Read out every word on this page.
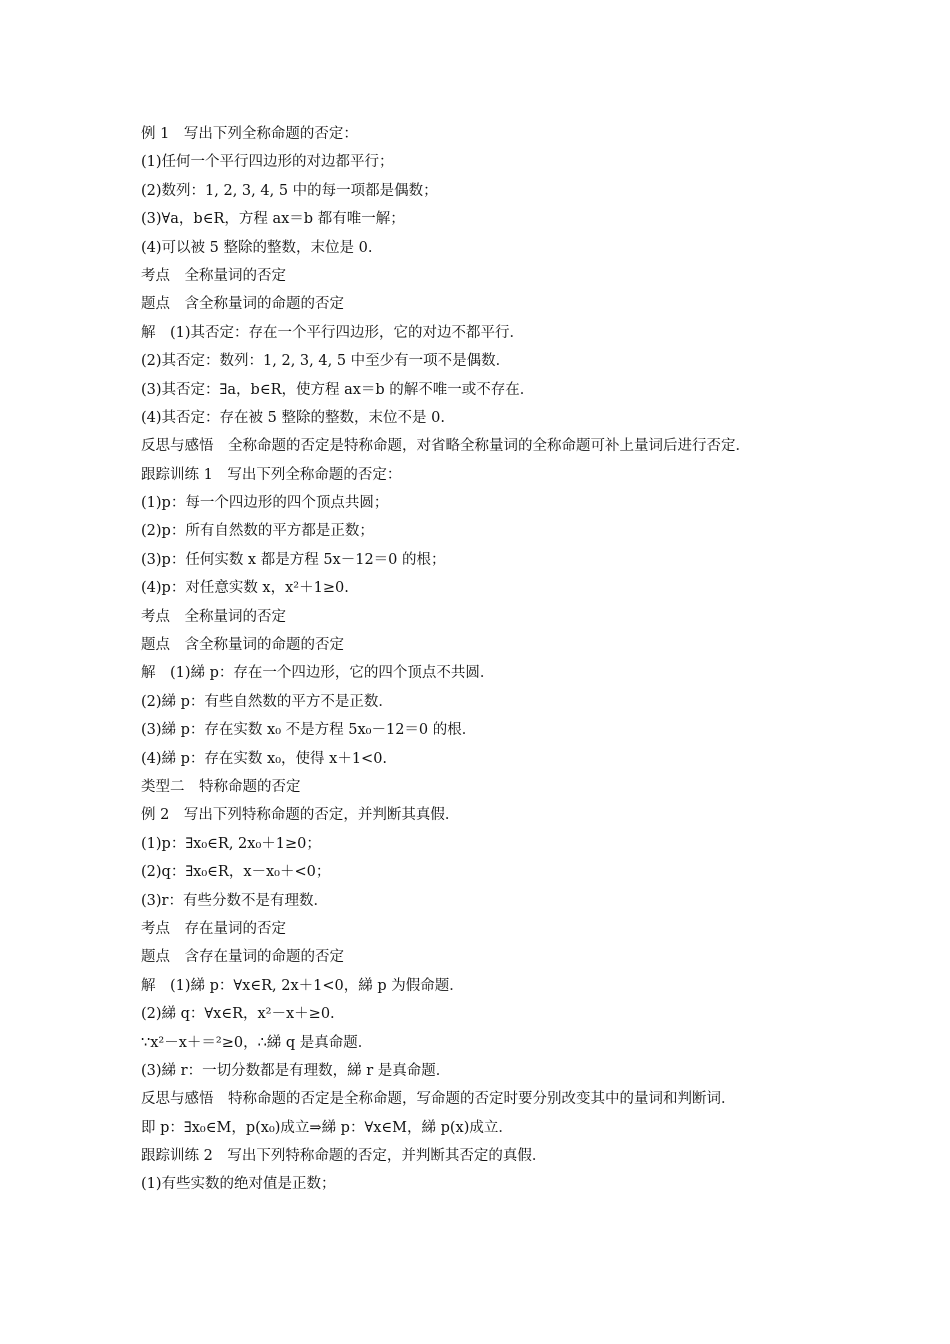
例 1　写出下列全称命题的否定：
(1)任何一个平行四边形的对边都平行；
(2)数列：1, 2, 3, 4, 5 中的每一项都是偶数；
(3)∀a，b∈R，方程 ax＝b 都有唯一解；
(4)可以被 5 整除的整数，末位是 0.
考点　全称量词的否定
题点　含全称量词的命题的否定
解　(1)其否定：存在一个平行四边形，它的对边不都平行．
(2)其否定：数列：1, 2, 3, 4, 5 中至少有一项不是偶数．
(3)其否定：∃a，b∈R，使方程 ax＝b 的解不唯一或不存在．
(4)其否定：存在被 5 整除的整数，末位不是 0.
反思与感悟　全称命题的否定是特称命题，对省略全称量词的全称命题可补上量词后进行否定．
跟踪训练 1　写出下列全称命题的否定：
(1)p：每一个四边形的四个顶点共圆；
(2)p：所有自然数的平方都是正数；
(3)p：任何实数 x 都是方程 5x－12＝0 的根；
(4)p：对任意实数 x，x²＋1≥0.
考点　全称量词的否定
题点　含全称量词的命题的否定
解　(1)綈 p：存在一个四边形，它的四个顶点不共圆．
(2)綈 p：有些自然数的平方不是正数．
(3)綈 p：存在实数 x₀ 不是方程 5x₀－12＝0 的根．
(4)綈 p：存在实数 x₀，使得 x＋1<0.
类型二　特称命题的否定
例 2　写出下列特称命题的否定，并判断其真假．
(1)p：∃x₀∈R, 2x₀＋1≥0；
(2)q：∃x₀∈R，x－x₀＋<0；
(3)r：有些分数不是有理数．
考点　存在量词的否定
题点　含存在量词的命题的否定
解　(1)綈 p：∀x∈R, 2x＋1<0，綈 p 为假命题．
(2)綈 q：∀x∈R，x²－x＋≥0.
∵x²－x＋＝²≥0，∴綈 q 是真命题．
(3)綈 r：一切分数都是有理数，綈 r 是真命题．
反思与感悟　特称命题的否定是全称命题，写命题的否定时要分别改变其中的量词和判断词．
即 p：∃x₀∈M，p(x₀)成立⇒綈 p：∀x∈M，綈 p(x)成立．
跟踪训练 2　写出下列特称命题的否定，并判断其否定的真假．
(1)有些实数的绝对值是正数；
